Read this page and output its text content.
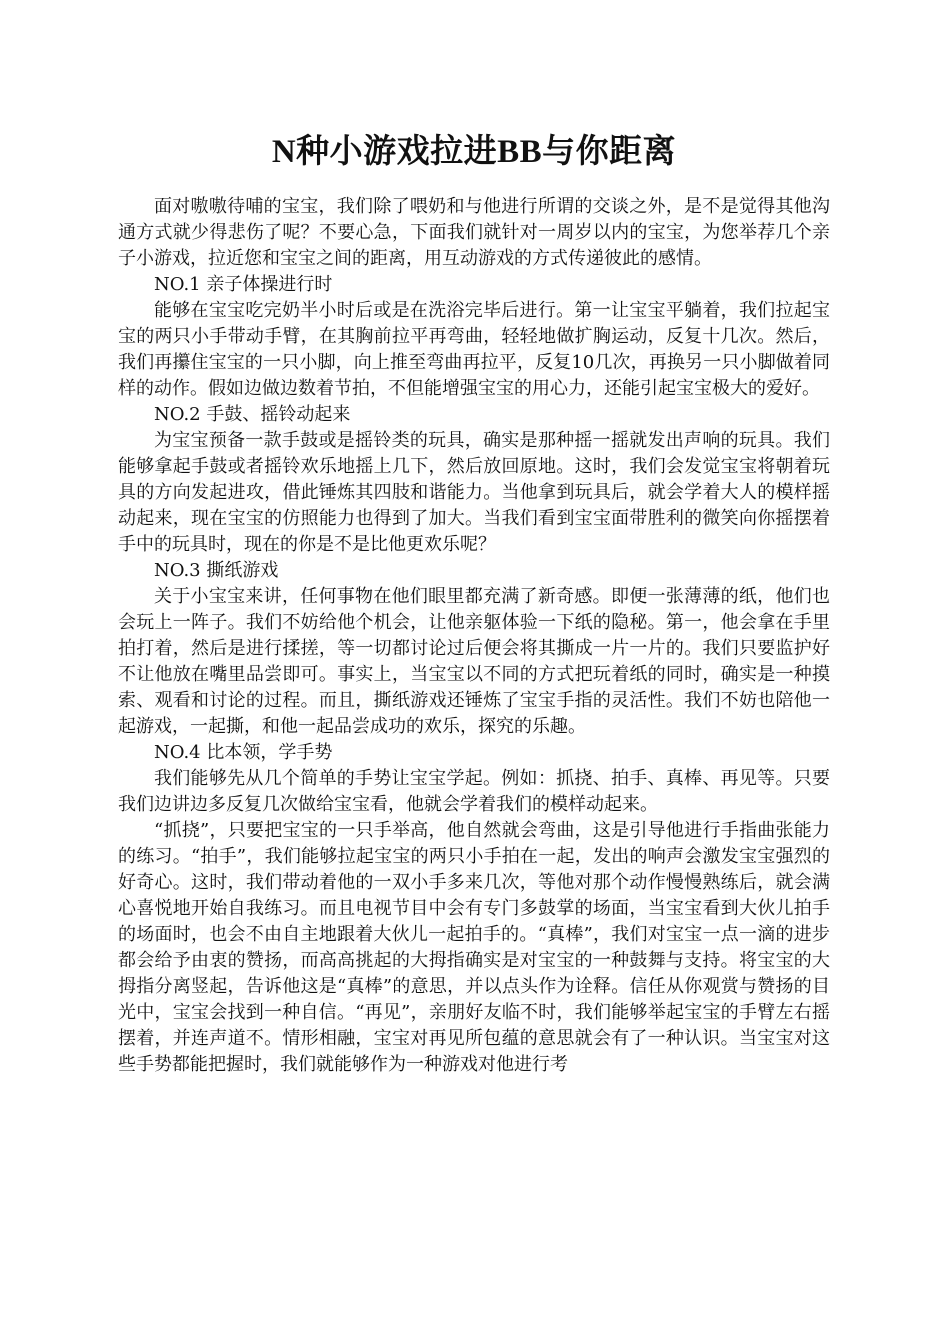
N种小游戏拉进BB与你距离

面对嗷嗷待哺的宝宝，我们除了喂奶和与他进行所谓的交谈之外，是不是觉得其他沟通方式就少得悲伤了呢？不要心急，下面我们就针对一周岁以内的宝宝，为您举荐几个亲子小游戏，拉近您和宝宝之间的距离，用互动游戏的方式传递彼此的感情。

NO.1 亲子体操进行时

能够在宝宝吃完奶半小时后或是在洗浴完毕后进行。第一让宝宝平躺着，我们拉起宝宝的两只小手带动手臂，在其胸前拉平再弯曲，轻轻地做扩胸运动，反复十几次。然后，我们再攥住宝宝的一只小脚，向上推至弯曲再拉平，反复10几次，再换另一只小脚做着同样的动作。假如边做边数着节拍，不但能增强宝宝的用心力，还能引起宝宝极大的爱好。

NO.2 手鼓、摇铃动起来

为宝宝预备一款手鼓或是摇铃类的玩具，确实是那种摇一摇就发出声响的玩具。我们能够拿起手鼓或者摇铃欢乐地摇上几下，然后放回原地。这时，我们会发觉宝宝将朝着玩具的方向发起进攻，借此锤炼其四肢和谐能力。当他拿到玩具后，就会学着大人的模样摇动起来，现在宝宝的仿照能力也得到了加大。当我们看到宝宝面带胜利的微笑向你摇摆着手中的玩具时，现在的你是不是比他更欢乐呢？

NO.3 撕纸游戏

关于小宝宝来讲，任何事物在他们眼里都充满了新奇感。即便一张薄薄的纸，他们也会玩上一阵子。我们不妨给他个机会，让他亲躯体验一下纸的隐秘。第一，他会拿在手里拍打着，然后是进行揉搓，等一切都讨论过后便会将其撕成一片一片的。我们只要监护好不让他放在嘴里品尝即可。事实上，当宝宝以不同的方式把玩着纸的同时，确实是一种摸索、观看和讨论的过程。而且，撕纸游戏还锤炼了宝宝手指的灵活性。我们不妨也陪他一起游戏，一起撕，和他一起品尝成功的欢乐，探究的乐趣。

NO.4 比本领，学手势

我们能够先从几个简单的手势让宝宝学起。例如：抓挠、拍手、真棒、再见等。只要我们边讲边多反复几次做给宝宝看，他就会学着我们的模样动起来。

“抓挠”，只要把宝宝的一只手举高，他自然就会弯曲，这是引导他进行手指曲张能力的练习。“拍手”，我们能够拉起宝宝的两只小手拍在一起，发出的响声会激发宝宝强烈的好奇心。这时，我们带动着他的一双小手多来几次，等他对那个动作慢慢熟练后，就会满心喜悦地开始自我练习。而且电视节目中会有专门多鼓掌的场面，当宝宝看到大伙儿拍手的场面时，也会不由自主地跟着大伙儿一起拍手的。“真棒”，我们对宝宝一点一滴的进步都会给予由衷的赞扬，而高高挑起的大拇指确实是对宝宝的一种鼓舞与支持。将宝宝的大拇指分离竖起，告诉他这是“真棒”的意思，并以点头作为诠释。信任从你观赏与赞扬的目光中，宝宝会找到一种自信。“再见”，亲朋好友临不时，我们能够举起宝宝的手臂左右摇摆着，并连声道不。情形相融，宝宝对再见所包蕴的意思就会有了一种认识。当宝宝对这些手势都能把握时，我们就能够作为一种游戏对他进行考
